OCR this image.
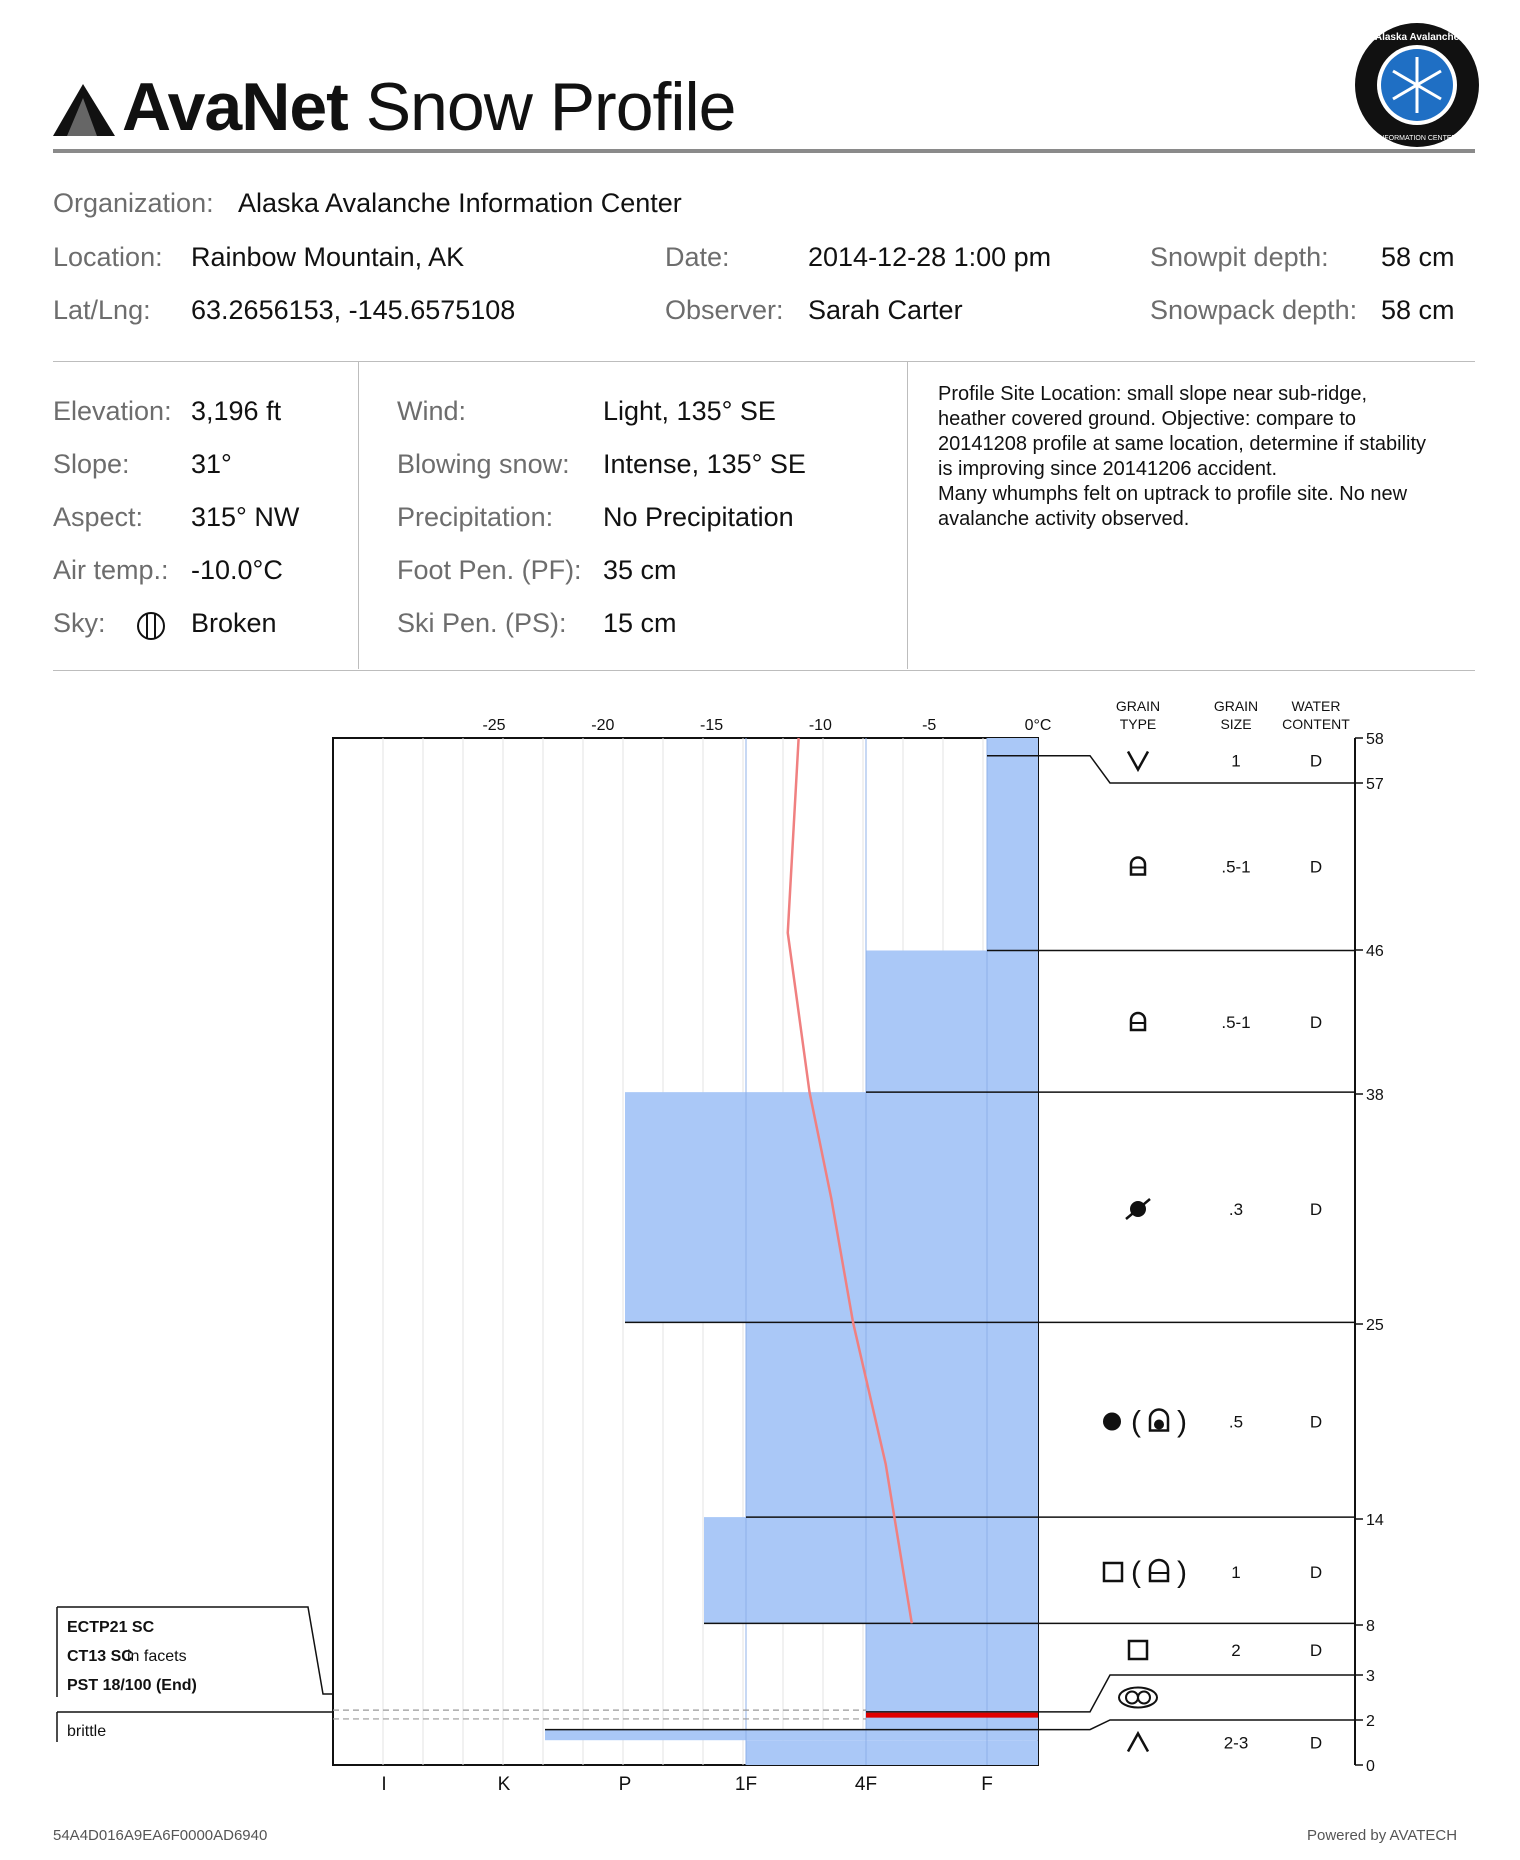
AvaNet Snow Profile
Alaska Avalanche
INFORMATION CENTER
Organization: Alaska Avalanche Information Center
Location: Rainbow Mountain, AK
Lat/Lng: 63.2656153, -145.6575108
Date:	2014-12-28 1:00 pm
Observer: Sarah Carter
Snowpit depth: 58 cm
Snowpack depth: 58 cm
Elevation: 3,196 ft
Slope: 31°
Aspect: 315° NW
Air temp.: -10.0°C
Sky:	Broken
Wind:	Light, 135° SE
Blowing snow: Intense, 135° SE
Precipitation: No Precipitation
Foot Pen. (PF): 35 cm
Ski Pen. (PS): 15 cm
Profile Site Location: small slope near sub-ridge,
heather covered ground. Objective: compare to
20141208 profile at same location, determine if stability
is improving since 20141206 accident.
Many whumphs felt on uptrack to profile site. No new
avalanche activity observed.
-25	-20	-15	-10	-5	0°C
I	K	P	1F	4F	F
GRAIN
TYPE
GRAIN
SIZE
WATER
CONTENT
58
57
46
38
25
14
8
3
2
0
1	D
.5-1	D
.5-1	D
.3	D
.5	D
( )
1	D
( )
2	D
2-3	D
ECTP21 SC
CT13 SC
in facets
PST 18/100 (End)
brittle
54A4D016A9EA6F0000AD6940	Powered by AVATECH
